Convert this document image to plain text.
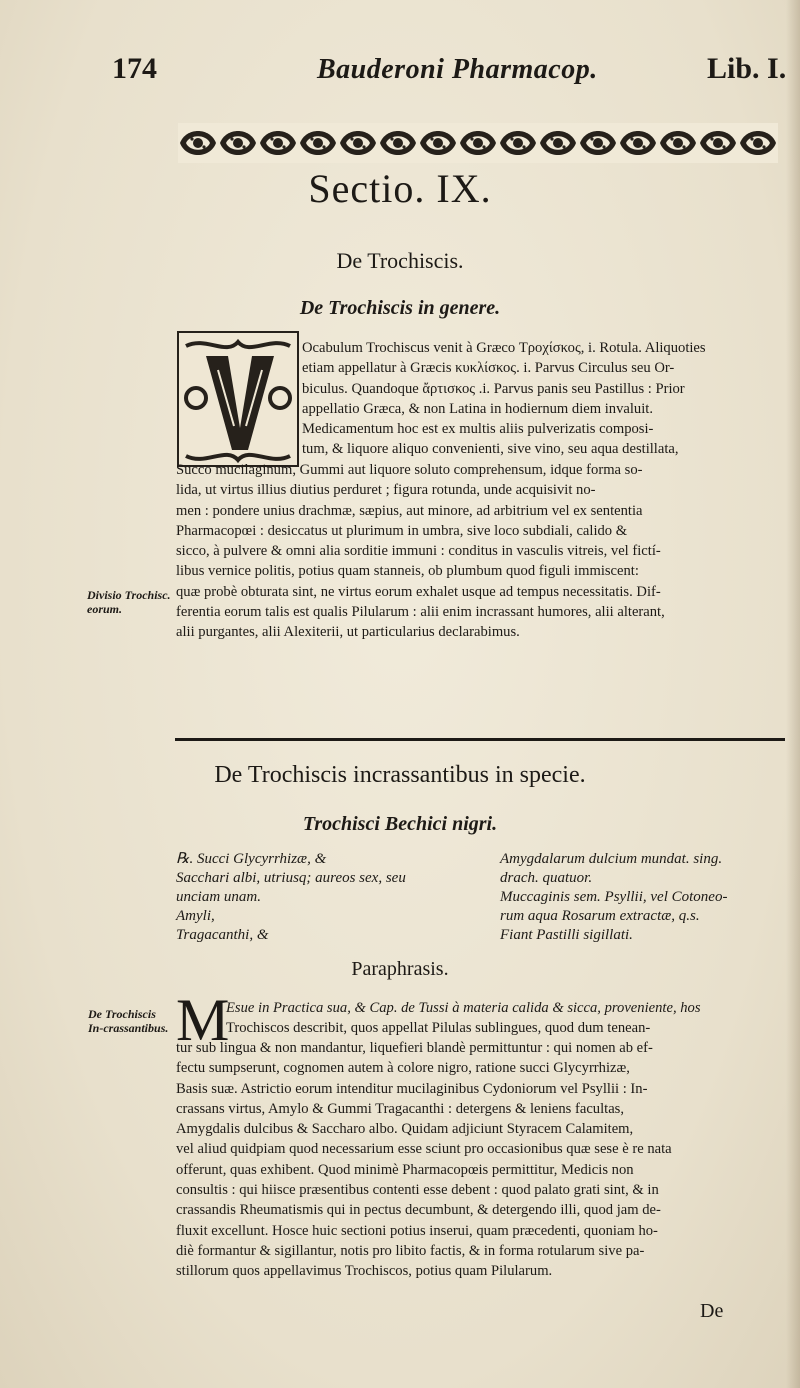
174	Bauderoni Pharmacop.	Lib. I.
Sectio. IX.
De Trochiscis.
De Trochiscis in genere.
Ocabulum Trochiscus venit à Græco Τροχίσκος, i. Rotula. Aliquoties
etiam appellatur à Græcis κυκλίσκος. i. Parvus Circulus seu Or-
biculus. Quandoque ἄρτισκος .i. Parvus panis seu Pastillus : Prior
appellatio Græca, & non Latina in hodiernum diem invaluit.
Medicamentum hoc est ex multis aliis pulverizatis composi-
tum, & liquore aliquo convenienti, sive vino, seu aqua destillata,
Succo mucilaginum, Gummi aut liquore soluto comprehensum, idque forma so-
lida, ut virtus illius diutius perduret ; figura rotunda, unde acquisivit no-
men : pondere unius drachmæ, sæpius, aut minore, ad arbitrium vel ex sententia
Pharmacopœi : desiccatus ut plurimum in umbra, sive loco subdiali, calido &
sicco, à pulvere & omni alia sorditie immuni : conditus in vasculis vitreis, vel fictí-
libus vernice politis, potius quam stanneis, ob plumbum quod figuli immiscent:
quæ probè obturata sint, ne virtus eorum exhalet usque ad tempus necessitatis. Dif-
ferentia eorum talis est qualis Pilularum : alii enim incrassant humores, alii alterant,
alii purgantes, alii Alexiterii, ut particularius declarabimus.
Divisio Trochisc. eorum.
De Trochiscis incrassantibus in specie.
Trochisci Bechici nigri.
℞. Succi Glycyrrhizæ, &
Sacchari albi, utriusq; aureos sex, seu
unciam unam.
Amyli,
Tragacanthi, &
Amygdalarum dulcium mundat. sing.
drach. quatuor.
Muccaginis sem. Psyllii, vel Cotoneo-
rum aqua Rosarum extractæ, q.s.
Fiant Pastilli sigillati.
Paraphrasis.
De Trochiscis In-crassantibus. M
Esue in Practica sua, & Cap. de Tussi à materia calida & sicca, proveniente, hos
Trochiscos describit, quos appellat Pilulas sublingues, quod dum tenean-
tur sub lingua & non mandantur, liquefieri blandè permittuntur : qui nomen ab ef-
fectu sumpserunt, cognomen autem à colore nigro, ratione succi Glycyrrhizæ,
Basis suæ. Astrictio eorum intenditur mucilaginibus Cydoniorum vel Psyllii : In-
crassans virtus, Amylo & Gummi Tragacanthi : detergens & leniens facultas,
Amygdalis dulcibus & Saccharo albo. Quidam adjiciunt Styracem Calamitem,
vel aliud quidpiam quod necessarium esse sciunt pro occasionibus quæ sese è re nata
offerunt, quas exhibent. Quod minimè Pharmacopœis permittitur, Medicis non
consultis : qui hiisce præsentibus contenti esse debent : quod palato grati sint, & in
crassandis Rheumatismis qui in pectus decumbunt, & detergendo illi, quod jam de-
fluxit excellunt. Hosce huic sectioni potius inserui, quam præcedenti, quoniam ho-
diè formantur & sigillantur, notis pro libito factis, & in forma rotularum sive pa-
stillorum quos appellavimus Trochiscos, potius quam Pilularum.
De
